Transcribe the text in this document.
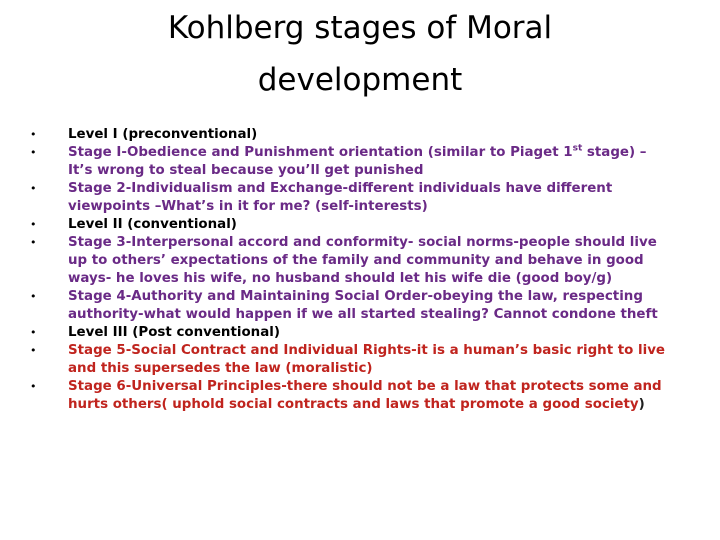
Kohlberg stages of Moral
development
•	Level I (preconventional)
•	Stage I-Obedience and Punishment orientation (similar to Piaget 1st stage) –It’s wrong to steal because you’ll get punished
•	Stage 2-Individualism and Exchange-different individuals have different viewpoints –What’s in it for me? (self-interests)
•	Level II (conventional)
•	Stage 3-Interpersonal accord and conformity- social norms-people should live up to others’ expectations of the family and community and behave in good ways- he loves his wife, no husband should let his wife die (good boy/g)
•	Stage 4-Authority and Maintaining Social Order-obeying the law, respecting authority-what would happen if we all started stealing? Cannot condone theft
•	Level III (Post conventional)
•	Stage 5-Social Contract and Individual Rights-it is a human’s basic right to live and this supersedes the law (moralistic)
•	Stage 6-Universal Principles-there should not be a law that protects some and hurts others( uphold social contracts and laws that promote a good society)
